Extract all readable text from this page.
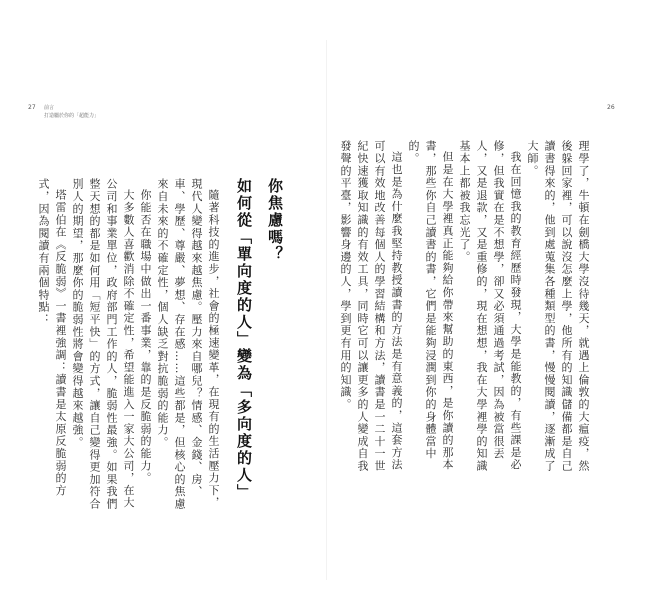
27 前言
打造屬於你的「超能力」
你焦慮嗎？
如何從「單向度的人」變為「多向度的人」

隨著科技的進步，社會的極速變革，在現有的生活壓力下，現代人變得越來越焦慮。壓力來自哪兒？情感、金錢、房、車、學歷、尊嚴、夢想、存在感……這些都是，但核心的焦慮來自未來的不確定性，個人缺乏對抗脆弱的能力。

你能否在職場中做出一番事業，靠的是反脆弱的能力。

大多數人喜歡消除不確定性，希望能進入一家大公司，在大公司和事業單位，政府部門工作的人，脆弱性最強。如果我們整天想的都是如何用「短平快」的方式，讓自己變得更加符合別人的期望，那麼你的脆弱性將會變得越來越強。

塔雷伯在《反脆弱》一書裡強調：讀書是太原反脆弱的方式，因為閱讀有兩個特點：

26

理學了，牛頓在劍橋大學沒待幾天，就遇上倫敦的大瘟疫，然後躲回家裡，可以說沒怎麼上學，他所有的知識儲備都是自己讀書得來的，他到處蒐集各種類型的書，慢慢閱讀，逐漸成了大師。

我在回憶我的教育經歷時發現，大學是能教的，有些課是必修，但我實在是不想學，卻又必須通過考試，因為被當很丟人，又是退款，又是重修的，現在想想，我在大學裡學的知識基本上都被我忘光了。

但是在大學裡真正能夠給你帶來幫助的東西，是你讀的那本書，那些你自己讀書的書，它們是能夠浸潤到你的身體當中的。

這也是為什麼我堅持教授讀書的方法是有意義的，這套方法可以有效地改善每個人的學習結構和方法，讀書是一二十一世紀快速獲取知識的有效工具，同時它可以讓更多的人變成自我發聲的平臺，影響身邊的人，學到更有用的知識。
